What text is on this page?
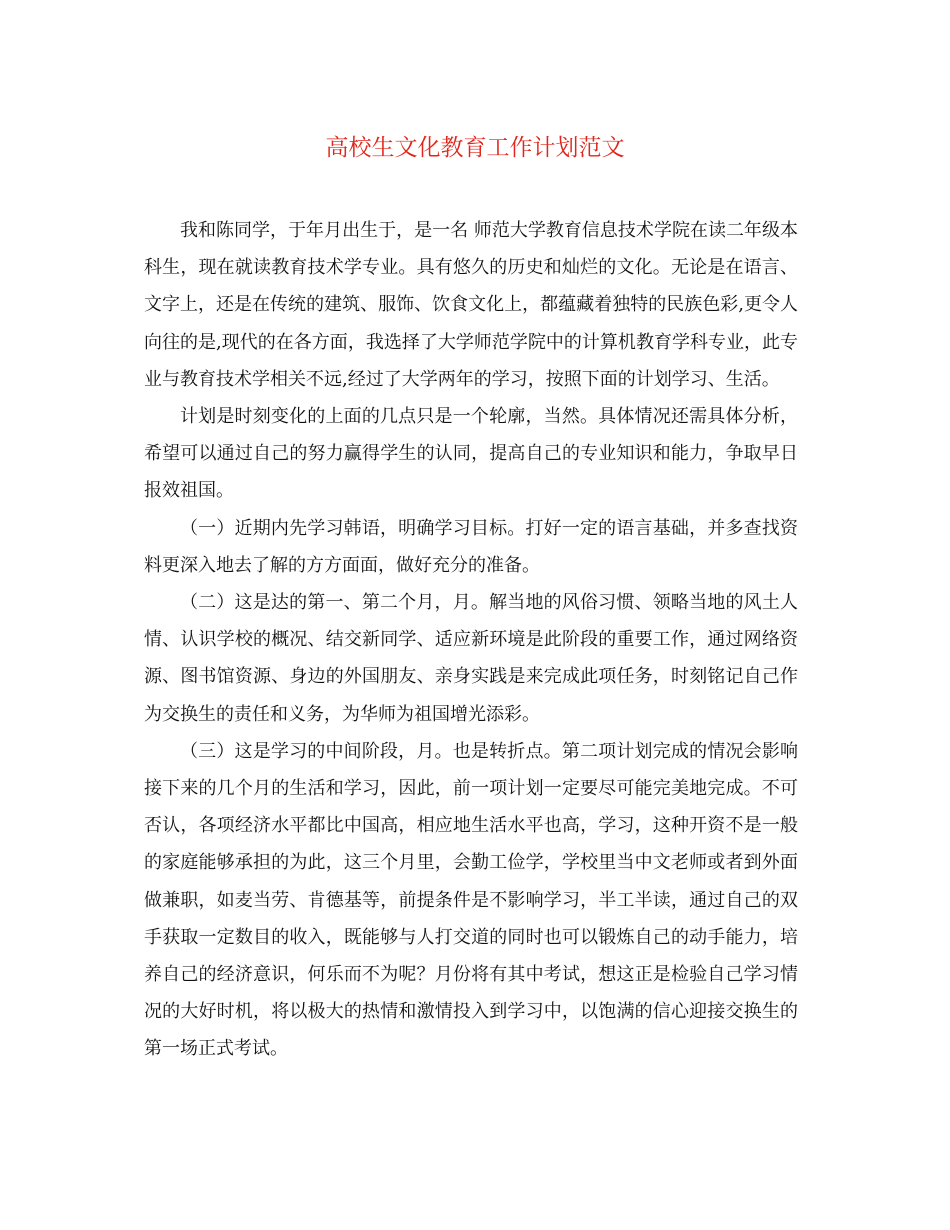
高校生文化教育工作计划范文

我和陈同学，于年月出生于，是一名 师范大学教育信息技术学院在读二年级本科生，现在就读教育技术学专业。具有悠久的历史和灿烂的文化。无论是在语言、文字上，还是在传统的建筑、服饰、饮食文化上，都蕴藏着独特的民族色彩,更令人向往的是,现代的在各方面，我选择了大学师范学院中的计算机教育学科专业，此专业与教育技术学相关不远,经过了大学两年的学习，按照下面的计划学习、生活。

计划是时刻变化的上面的几点只是一个轮廓，当然。具体情况还需具体分析，希望可以通过自己的努力赢得学生的认同，提高自己的专业知识和能力，争取早日报效祖国。

（一）近期内先学习韩语，明确学习目标。打好一定的语言基础，并多查找资料更深入地去了解的方方面面，做好充分的准备。

（二）这是达的第一、第二个月，月。解当地的风俗习惯、领略当地的风土人情、认识学校的概况、结交新同学、适应新环境是此阶段的重要工作，通过网络资源、图书馆资源、身边的外国朋友、亲身实践是来完成此项任务，时刻铭记自己作为交换生的责任和义务，为华师为祖国增光添彩。

（三）这是学习的中间阶段，月。也是转折点。第二项计划完成的情况会影响接下来的几个月的生活和学习，因此，前一项计划一定要尽可能完美地完成。不可否认，各项经济水平都比中国高，相应地生活水平也高，学习，这种开资不是一般的家庭能够承担的为此，这三个月里，会勤工俭学，学校里当中文老师或者到外面做兼职，如麦当劳、肯德基等，前提条件是不影响学习，半工半读，通过自己的双手获取一定数目的收入，既能够与人打交道的同时也可以锻炼自己的动手能力，培养自己的经济意识，何乐而不为呢？月份将有其中考试，想这正是检验自己学习情况的大好时机，将以极大的热情和激情投入到学习中，以饱满的信心迎接交换生的第一场正式考试。
